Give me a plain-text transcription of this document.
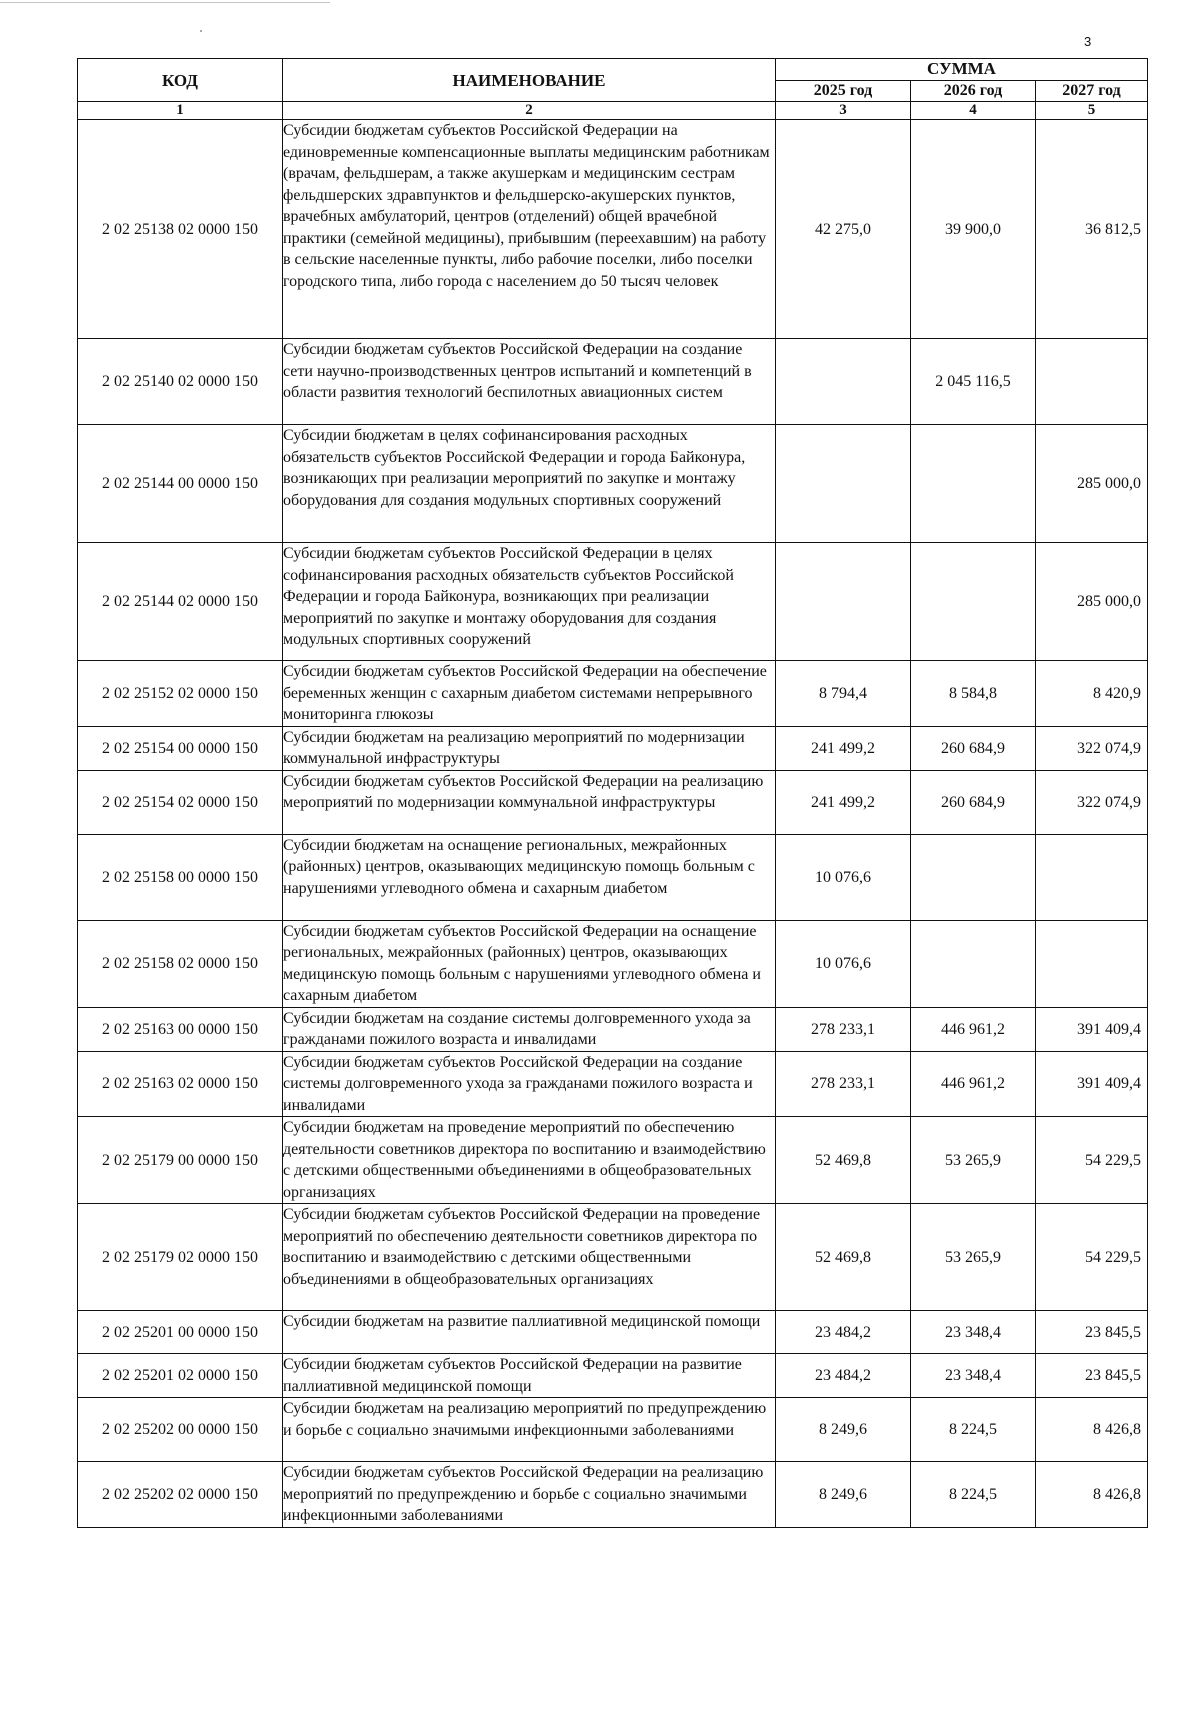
3
КОД	НАИМЕНОВАНИЕ	СУММА		
		2025 год	2026 год	2027 год
1	2	3	4	5
2 02 25138 02 0000 150	Субсидии бюджетам субъектов Российской Федерации на единовременные компенсационные выплаты медицинским работникам (врачам, фельдшерам, а также акушеркам и медицинским сестрам фельдшерских здравпунктов и фельдшерско-акушерских пунктов, врачебных амбулаторий, центров (отделений) общей врачебной практики (семейной медицины), прибывшим (переехавшим) на работу в сельские населенные пункты, либо рабочие поселки, либо поселки городского типа, либо города с населением до 50 тысяч человек	42 275,0	39 900,0	36 812,5
2 02 25140 02 0000 150	Субсидии бюджетам субъектов Российской Федерации на создание сети научно-производственных центров испытаний и компетенций в области развития технологий беспилотных авиационных систем		2 045 116,5	
2 02 25144 00 0000 150	Субсидии бюджетам в целях софинансирования расходных обязательств субъектов Российской Федерации и города Байконура, возникающих при реализации мероприятий по закупке и монтажу оборудования для создания модульных спортивных сооружений			285 000,0
2 02 25144 02 0000 150	Субсидии бюджетам субъектов Российской Федерации в целях софинансирования расходных обязательств субъектов Российской Федерации и города Байконура, возникающих при реализации мероприятий по закупке и монтажу оборудования для создания модульных спортивных сооружений			285 000,0
2 02 25152 02 0000 150	Субсидии бюджетам субъектов Российской Федерации на обеспечение беременных женщин с сахарным диабетом системами непрерывного мониторинга глюкозы	8 794,4	8 584,8	8 420,9
2 02 25154 00 0000 150	Субсидии бюджетам на реализацию мероприятий по модернизации коммунальной инфраструктуры	241 499,2	260 684,9	322 074,9
2 02 25154 02 0000 150	Субсидии бюджетам субъектов Российской Федерации на реализацию мероприятий по модернизации коммунальной инфраструктуры	241 499,2	260 684,9	322 074,9
2 02 25158 00 0000 150	Субсидии бюджетам на оснащение региональных, межрайонных (районных) центров, оказывающих медицинскую помощь больным с нарушениями углеводного обмена и сахарным диабетом	10 076,6		
2 02 25158 02 0000 150	Субсидии бюджетам субъектов Российской Федерации на оснащение региональных, межрайонных (районных) центров, оказывающих медицинскую помощь больным с нарушениями углеводного обмена и сахарным диабетом	10 076,6		
2 02 25163 00 0000 150	Субсидии бюджетам на создание системы долговременного ухода за гражданами пожилого возраста и инвалидами	278 233,1	446 961,2	391 409,4
2 02 25163 02 0000 150	Субсидии бюджетам субъектов Российской Федерации на создание системы долговременного ухода за гражданами пожилого возраста и инвалидами	278 233,1	446 961,2	391 409,4
2 02 25179 00 0000 150	Субсидии бюджетам на проведение мероприятий по обеспечению деятельности советников директора по воспитанию и взаимодействию с детскими общественными объединениями в общеобразовательных организациях	52 469,8	53 265,9	54 229,5
2 02 25179 02 0000 150	Субсидии бюджетам субъектов Российской Федерации на проведение мероприятий по обеспечению деятельности советников директора по воспитанию и взаимодействию с детскими общественными объединениями в общеобразовательных организациях	52 469,8	53 265,9	54 229,5
2 02 25201 00 0000 150	Субсидии бюджетам на развитие паллиативной медицинской помощи	23 484,2	23 348,4	23 845,5
2 02 25201 02 0000 150	Субсидии бюджетам субъектов Российской Федерации на развитие паллиативной медицинской помощи	23 484,2	23 348,4	23 845,5
2 02 25202 00 0000 150	Субсидии бюджетам на реализацию мероприятий по предупреждению и борьбе с социально значимыми инфекционными заболеваниями	8 249,6	8 224,5	8 426,8
2 02 25202 02 0000 150	Субсидии бюджетам субъектов Российской Федерации на реализацию мероприятий по предупреждению и борьбе с социально значимыми инфекционными заболеваниями	8 249,6	8 224,5	8 426,8
